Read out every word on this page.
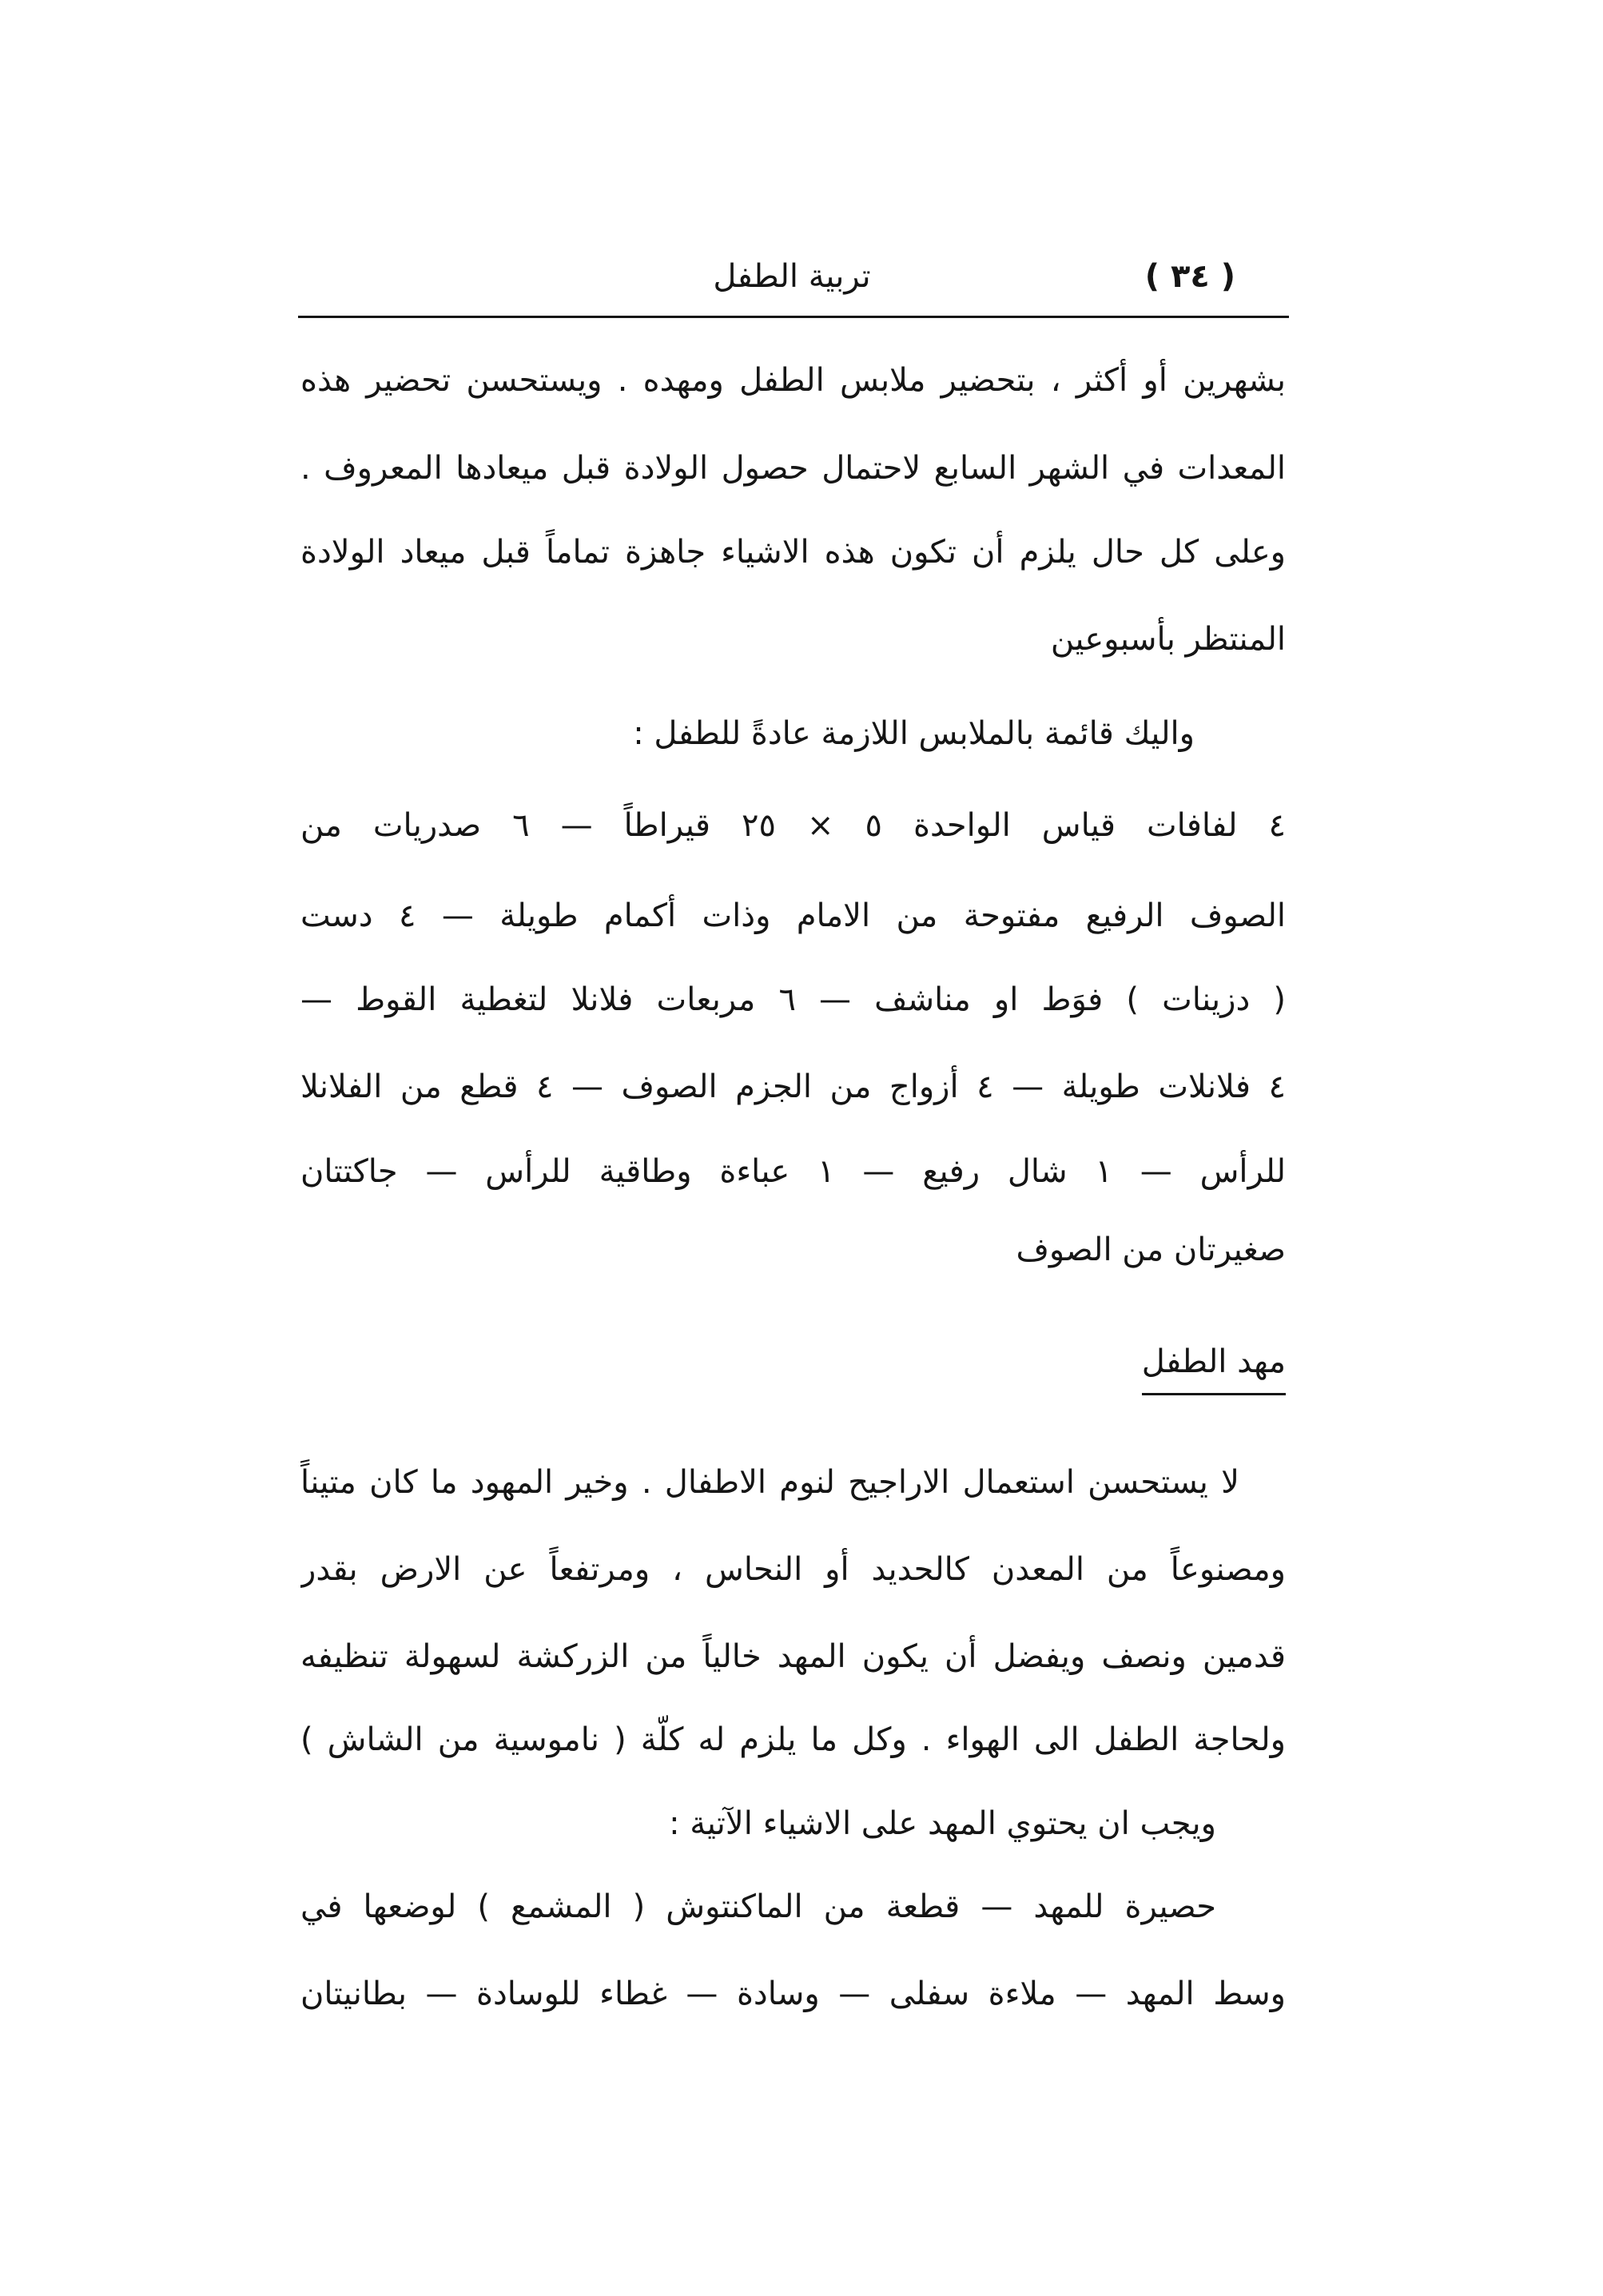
( ٣٤ )
تربية الطفل
بشهرين أو أكثر ، بتحضير ملابس الطفل ومهده . ويستحسن تحضير هذه
المعدات في الشهر السابع لاحتمال حصول الولادة قبل ميعادها المعروف .
وعلى كل حال يلزم أن تكون هذه الاشياء جاهزة تماماً قبل ميعاد الولادة
المنتظر بأسبوعين
واليك قائمة بالملابس اللازمة عادةً للطفل :
٤ لفافات قياس الواحدة ٥ × ٢٥ قيراطاً — ٦ صدريات من
الصوف الرفيع مفتوحة من الامام وذات أكمام طويلة — ٤ دست
( دزينات ) فوَط او مناشف — ٦ مربعات فلانلا لتغطية القوط —
٤ فلانلات طويلة — ٤ أزواج من الجزم الصوف — ٤ قطع من الفلانلا
للرأس — ١ شال رفيع — ١ عباءة وطاقية للرأس — جاكتتان
صغيرتان من الصوف
مهد الطفل
لا يستحسن استعمال الاراجيح لنوم الاطفال . وخير المهود ما كان متيناً
ومصنوعاً من المعدن كالحديد أو النحاس ، ومرتفعاً عن الارض بقدر
قدمين ونصف ويفضل أن يكون المهد خالياً من الزركشة لسهولة تنظيفه
ولحاجة الطفل الى الهواء . وكل ما يلزم له كلّة ( ناموسية من الشاش )
ويجب ان يحتوي المهد على الاشياء الآتية :
حصيرة للمهد — قطعة من الماكنتوش ( المشمع ) لوضعها في
وسط المهد — ملاءة سفلى — وسادة — غطاء للوسادة — بطانيتان
